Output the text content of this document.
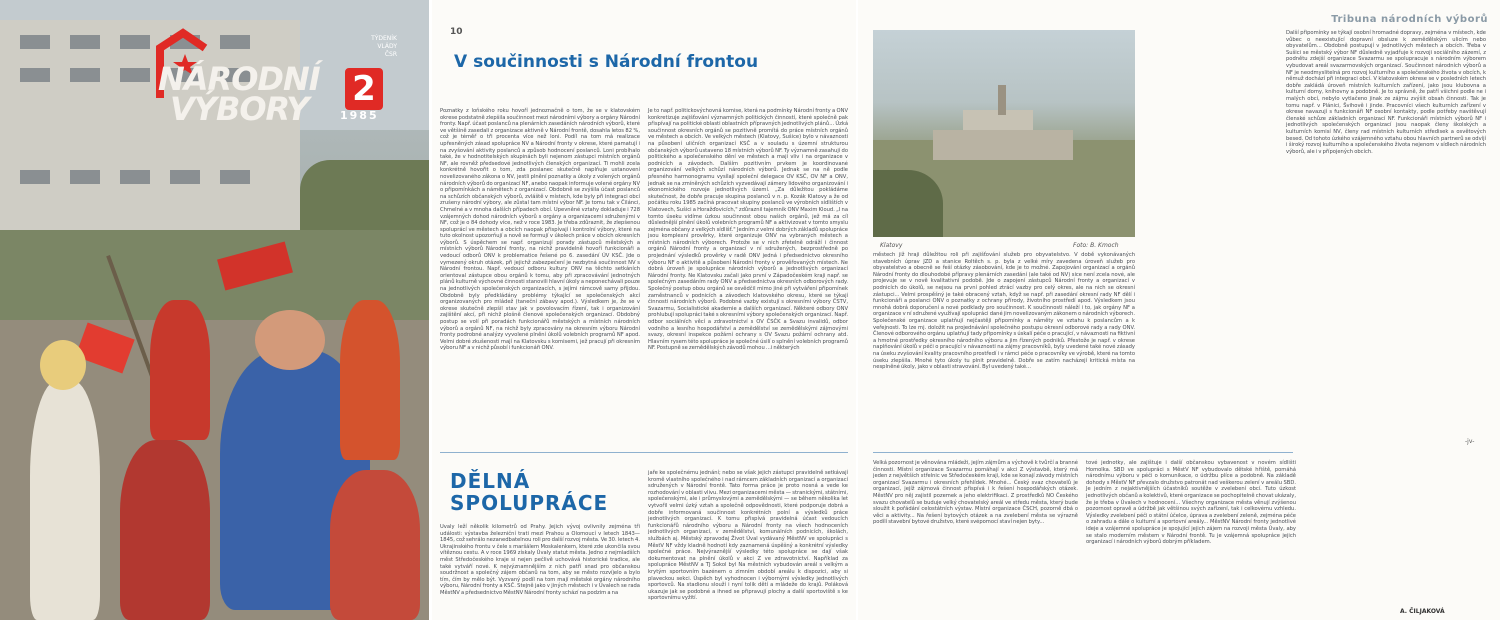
NÁRODNÍ
VÝBORY 2
1985
TÝDENÍK
VLÁDY
ČSR
10
V součinnosti s Národní frontou
Poznatky z loňského roku hovoří jednoznačně o tom, že se v klatovském okrese podstatně zlepšila součinnost mezi národními výbory a orgány Národní fronty. Např. účast poslanců na plenárních zasedáních národních výborů, které ve většině zasedali z organizace aktivně v Národní frontě, dosahla letos 82 %, což je téměř o tři procenta více než loni. Podíl na tom má realizace upřesněných zásad spolupráce NV a Národní fronty v okrese, které pamatují i na zvyšování aktivity poslanců a způsob hodnocení poslanců. Loni probíhalo také, že v hodnotitelských skupinách byli nejenom zástupci místních orgánů NF, ale rovněž předsedové jednotlivých členských organizací. Ti mohli zcela konkrétně hovořit o tom, zda poslanec skutečně naplňuje ustanovení novelizovaného zákona o NV, jestli plnění poznatky a úkoly z volených orgánů národních výborů do organizací NF, anebo naopak informuje volené orgány NV o připomínkách a námětech z organizací. Obdobně se zvýšila účast poslanců na schůzích občanských výborů, zvláště v místech, kde byly při integraci obcí zrušeny národní výbory, ale zůstal tam místní výbor NF. Je tomu tak v Čilánci, Chmelné a v mnoha dalších případech obcí. Upevněné vztahy dokladuje i 728 vzájemných dohod národních výborů s orgány a organizacemi sdruženými v NF, což je o 84 dohody více, než v roce 1983. Je třeba zdůraznit, že zlepšenou spoluprácí ve městech a obcích naopak přispívají i kontrolní výbory, které na tuto okolnost upozorňují a nově se formují v úkolech práce v obcích okresních výborů. S úspěchem se např. organizují porady zástupců městských a místních výborů Národní fronty, na nichž pravidelně hovoří funkcionáři a vedoucí odborů ONV k problematice řešené po 6. zasedání ÚV KSČ. Jde o vymezený okruh otázek, při jejichž zabezpečení je nezbytná součinnost NV s Národní frontou. Např. vedoucí odboru kultury ONV na těchto setkáních orientoval zástupce obou orgánů k tomu, aby při zpracovávání jednotných plánů kulturně výchovné činnosti stanovili hlavní úkoly a neponechávali pouze na jednotlivých společenských organizacích, s jejími rámcově samy přijdou. Obdobně byly předkládány problémy týkající se společenských akcí organizovaných pro mládež (taneční zábavy apod.). Výsledkem je, že se v okrese skutečně zlepšil stav jak v povolovacím řízení, tak i organizování zajištění akcí, při nichž plošně členové společenských organizací. Obdobný postup se volí při poradách funkcionářů městských a místních národních výborů a orgánů NF, na nichž byly zpracovány na okresním výboru Národní fronty podrobné analýzy vyvolené plnění úkolů volebních programů NF apod. Velmi dobré zkušenosti mají na Klatovsku s komisemi, jež pracují při okresním výboru NF a v nichž působí i funkcionáři ONV.
Je to např. politickovýchovná komise, která na podmínky Národní fronty a ONV konkretizuje zajišťování významných politických činností, které společně pak přispívají na politické oblasti oblastních přípravných jednotlivých plánů... Úzká součinnost okresních orgánů se pozitivně promítá do práce místních orgánů ve městech a obcích. Ve velkých městech (Klatovy, Sušice) bylo v návaznosti na působení uličních organizací KSČ a v souladu s územní strukturou občanských výborů ustaveno 18 místních výborů NF. Ty významně zasahují do politického a společenského dění ve městech a mají vliv i na organizace v podnicích a závodech. Dalším pozitivním prvkem je koordinované organizování velkých schůzí národních výborů. Jednak se na ně podle přesného harmonogramu vysílají společní delegace OV KSČ, OV NF a ONV, jednak se na zmíněných schůzích vyzvedávají zámery lidového organizování i ekonomického rozvoje jednotlivých území. „Za důležitou pokládáme skutečnost, že dobře pracuje skupina poslanců v n. p. Kozák Klatovy a že od počátku roku 1985 začíná pracovat skupiny poslanců ve výrobních sídlištích v Klatovech, Sušici a Horažďovicích," zdůraznil tajemník ONV Maxim Kloud. „I na tomto úseku vidíme úzkou součinnost obou našich orgánů, jež má za cíl důslednější plnění úkolů volebních programů NF a aktivizovat v tomto smyslu zejména občany z velkých sídlišť." Jedním z velmi dobrých základů spolupráce jsou komplexní prověrky, které organizuje ONV na vybraných městech a místních národních výborech. Protože se v nich zřetelně odráží i činnost orgánů Národní fronty a organizací v ní sdružených, bezprostředně po projednání výsledků prověrky v radě ONV jedná i předsednictvo okresního výboru NF o aktivitě a působení Národní fronty v prověřovaných místech. Ne dobrá úroveň je spolupráce národních výborů a jednotlivých organizací Národní fronty. Ne Klatovsku začali jako první v Západočeském kraji např. se společným zasedáním rady ONV a předsednictva okresních odborových rady. Společný postup obou orgánů se osvědčil mimo jiné při vytváření připomínek zaměstnanců v podnicích a závodech klatovského okresu, které se týkají činnosti národních výborů. Podobné vazby existují s okresními výbory ČSTV, Svazarmu, Socialistické akademie a dalších organizací. Některé odbory ONV prohlubují spolupráci také s okresními výbory společenských organizací. Např. odbor sociálních věcí a zdravotnictví s OV ČSČK a Svazu invalidů, odbor vodního a lesního hospodářství a zemědělství se zemědělskými zájmovými svazy, okresní inspekce požární ochrany s OV Svazu požární ochrany atd. Hlavním rysem této spolupráce je společné úsilí o splnění volebních programů NF. Postupně se zemědělských závodů mohou ...i některých
DĚLNÁ
SPOLUPRÁCE
Uvaly leží několik kilometrů od Prahy. Jejich vývoj ovlivnily zejména tři události: výstavba železniční trati mezi Prahou a Olomoucí v letech 1843—1845, což sehrálo nezanedbatelnou roli pro další rozvoj města. Ve 30. letech 4. Ukrajinského frontu v čele s maršálem Moskalenkem, které zde ukončila svou vítěznou cestu. A v roce 1969 získaly Úvaly statut města. Jedno z nejmladších měst Středočeského kraje si nejen pečlivě uchovává historické tradice, ale také vytváří nové. K nejvýznamnějším z nich patří snad pro občanskou soudržnost a společný zájem občanů na tom, aby se město rozvíjelo a bylo tím, čím by mělo být. Vyzvaný podíl na tom mají městské orgány národního výboru, Národní fronty a KSČ. Stejně jako v jiných městech i v Úvalech se rada MěstNV a předsednictvo MěstNV Národní fronty schází na podzim a na
jaře ke společnému jednání; nebo se však jejich zástupci pravidelně setkávají kromě vlastního společného i nad rámcem základních organizací a organizací sdružených v Národní frontě. Tato forma práce je proto nosná a vede ke rozhodování v oblasti vlivu. Mezi organizacemi města — stranickými, státními, společenskými, ale i průmyslovými a zemědělskými — se během několika let vytvořil velmi úzký vztah a společně odpovědnosti, které podporuje dobrá a dobře informovaná součinnost konkrétních polní a výsledků práce jednotlivých organizací. K tomu přispívá pravidelná účast vedoucích funkcionářů národního výboru a Národní fronty na všech hodnoceních jednotlivých organizací, v zemědělství, komunálních podnicích, školách, službách aj. Městský zpravodaj Život Úval vydávaný MěstNV ve spolupráci s MěstV NF vždy kladně hodnotí kdy zaznamená úspěšný a konkrétní výsledky společné práce. Nejvýraznější výsledky této spolupráce se dají však dokumentovat na plnění úkolů v akci Z ve zdravotnictví. Například za spolupráce MěstNV a TJ Sokol byl Na městních vybudován areál s velkým a krytým sportovním bazénem o zimním období areálu k dispozici, aby si plaveckou sekci. Úspěch byl vyhodnocen i výbornými výsledky jednotlivých sportovců. Na stadionu slouží i nyní tolik dětí a mládeže do krajů. Poláková ukazuje jak se podobné a ihned se připravují plochy a další sportoviště s ke sportovnímu vyžití.
Klatovy	Foto: B. Kmoch
městech již hraji důležitou roli při zajišťování služeb pro obyvatelstvo. V době vykonávaných stavebních úprav JZD a stanice Roltěch s. p. byla z velké míry zavedena úroveň služeb pro obyvatelstvo a obecně se řeší otázky zásobování, kde je to možné. Zapojování organizací a orgánů Národní fronty do dlouhodobé přípravy plenárních zasedání (ale také od NV) sice není zcela nové, ale projevuje se v nově kvalitativní podobě. Jde o zapojení zástupců Národní fronty a organizací v podnicích do úkolů, se nejsou na první pohled ztrácí vazby pro celý okres, ale na nich se okresní zástupci... Velmi prospěšný je také obracený vztah, když se např. při zasedání okresní rady NF dělí i funkcionáři a poslanci ONV o poznatky z ochrany přírody, životního prostředí apod. Výsledkem jsou mnohá dobrá doporučení a nové podklady pro součinnost. K součinnosti náleží i to, jak orgány NF a organizace v ní sdružené využívají spolupráci dané jim novelizovaným zákonem o národních výborech. Společenské organizace uplatňují nejčastěji připomínky a náměty ve vztahu k poslancům a k veřejnosti. To lze mj. doložit na projednávání společného postupu okresní odborové rady a rady ONV. Členové odborového orgánu uplatňují tady připomínky s úskalí péče o pracující, v návaznosti na fiktivní a hmotné prostředky okresního národního výboru a jim řízených podniků. Přestože je např. v okrese naplňování úkolů v péči o pracující v návaznosti na zájmy pracovníků, byly uvedené také nové zásady na úseku zvyšování kvality pracovního prostředí i v rámci péče o pracovníky ve výrobě, které na tomto úseku zlepšila. Mnohé tyto úkoly tu plnit pravidelně. Dobře se zatím nacházejí kritická místa na nesplněné úkoly, jako v oblasti stravování. Byl uvedený také...
Velká pozornost je věnována mládeži, jejím zájmům a výchově k tvůrčí a branné činnosti. Místní organizace Svazarmu pomáhají v akci Z výstavbě, který má jeden z největších střelnic ve Středočeském kraji, kde se konají závody místních organizací Svazarmu i okresních přehlídek. Mnohé... Český svaz chovatelů je organizací, jejíž zájmová činnost přispívá i k řešení hospodářských otázek. MěstNV pro něj zajistil pozemek a jeho elektrifikaci. Z prostředků NO Českého svazu chovatelů se buduje velký chovatelský areál ve středu města, který bude sloužit k pořádání celostátních výstav. Místní organizace ČSCH, pozorně dbá o věci a aktivity... Na řešení bytových otázek a na zvelebení města se výrazně podílí stavební bytové družstvo, které svépomocí staví nejen byty...
tové jednotky, ale zajištuje i další občanskou vybavenost v novém sídlišti Homolka. SBD ve spolupráci s MěstV NF vybudovalo dětské hřiště, pomáhá národnímu výboru v péči o komunikace, o údržbu plíce a podobně. Na základě dohody s MěstV NF převzalo družstvo patronát nad veškerou zelení v areálu SBD. Je jedním z nejaktivnějších účastníků soutěže v zvelebení obcí. Tuto úzkost jednotlivých občanů a kolektivů, které organizace se pochopitelně chovat ukázaly, že je třeba v Úvalech v hodnocení... Všechny organizace města věnují zvýšenou pozornost opravě a údržbě jak většinou svých zařízení, tak i celkovému vzhledu. Výsledky zvelebení péči o státní účelce, úprava a zvelebení zeleně, zejména péče o zahradu a dále o kulturní a sportovní areály... MěstNV Národní fronty jednotlivé ideje a vzájemné spolupráce je spojující jejich zájem na rozvoji města Úvaly, aby se stalo moderním městem v Národní frontě. Tu je vzájemná spolupráce jejich organizací i národních výborů dobrým příkladem.
Tribuna národních výborů
Další připomínky se týkají osobní hromadné dopravy, zejména v místech, kde vůbec o neexistující dopravní obsluze k zemědělským ulicím nebo obyvatelům... Obdobně postupují v jednotlivých městech a obcích. Třeba v Sušici se městský výbor NF důsledně vyjadřuje k rozvoji sociálního zázemí, z podnětu zdejší organizace Svazarmu se spolupracuje s národním výborem vybudovat areál svazarmovských organizací. Součinnost národních výborů a NF je neodmyslitelná pro rozvoj kulturního a společenského života v obcích, k němuž dochází při integraci obcí. V klatovském okrese se v posledních letech dobře zakládá úroveň místních kulturních zařízení, jako jsou klubovna a kulturní domy, knihovny a podobně. Je to správně, že patří všichni podle ne i malých obcí, nebylo vytlačeno jinak ze zájmu zvýšit obsah činnosti. Tak je tomu např. v Plánici, Švihově i jinde. Pracovníci všech kulturních zařízení v okrese navazují s funkcionáři NF osobní kontakty, podle potřeby navštěvují členské schůze základních organizací NF. Funkcionáři místních výborů NF i jednotlivých společenských organizací jsou naopak členy školských a kulturních komisí NV, členy rad místních kulturních středisek a osvětových besed. Od tohoto úzkého vzájemného vztahu obou hlavních partnerů se odvíjí i široký rozvoj kulturního a společenského života nejenom v sídlech národních výborů, ale i v přípojených obcích.
-jv-
A. ČILJAKOVÁ
